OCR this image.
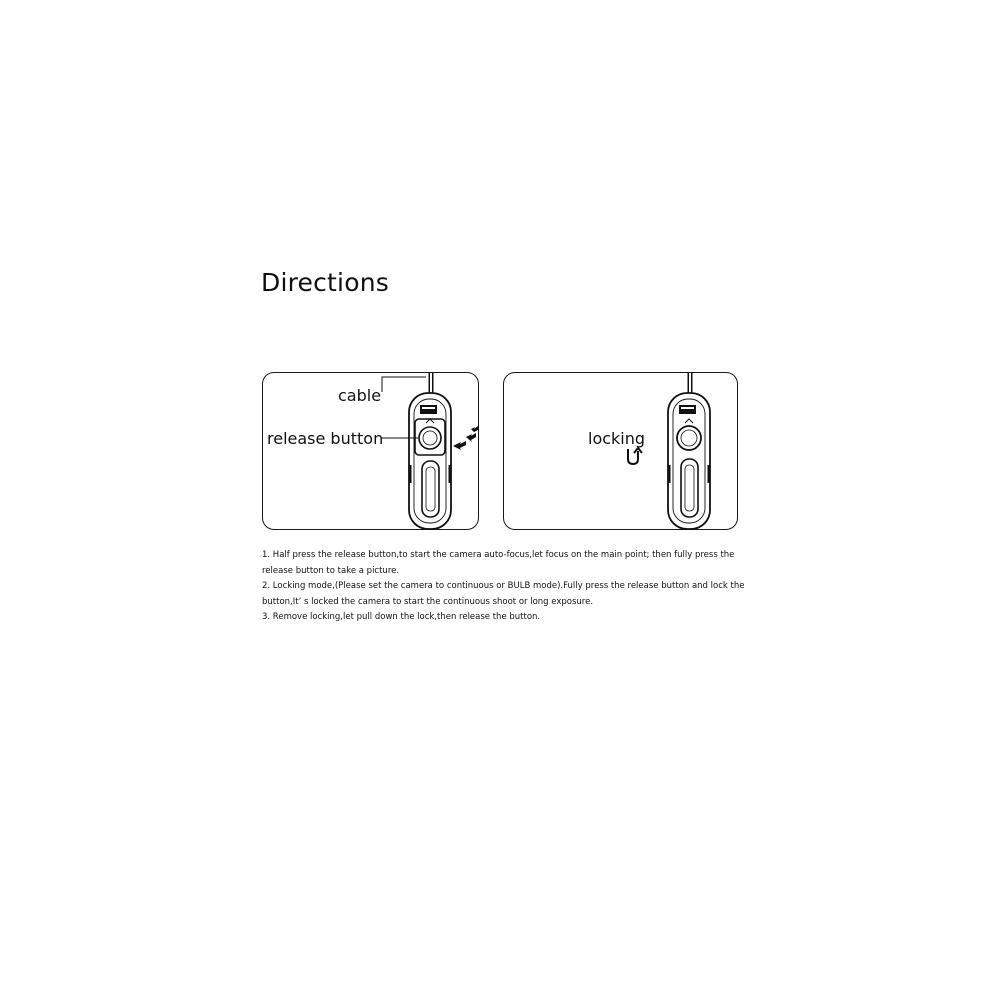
Directions
cable
release button	locking

1. Half press the release button,to start the camera auto-focus,let focus on the main point; then fully press the release button to take a picture.

2. Locking mode,(Please set the camera to continuous or BULB mode).Fully press the release button and lock the button,It’ s locked the camera to start the continuous shoot or long exposure.

3. Remove locking,let pull down the lock,then release the button.
